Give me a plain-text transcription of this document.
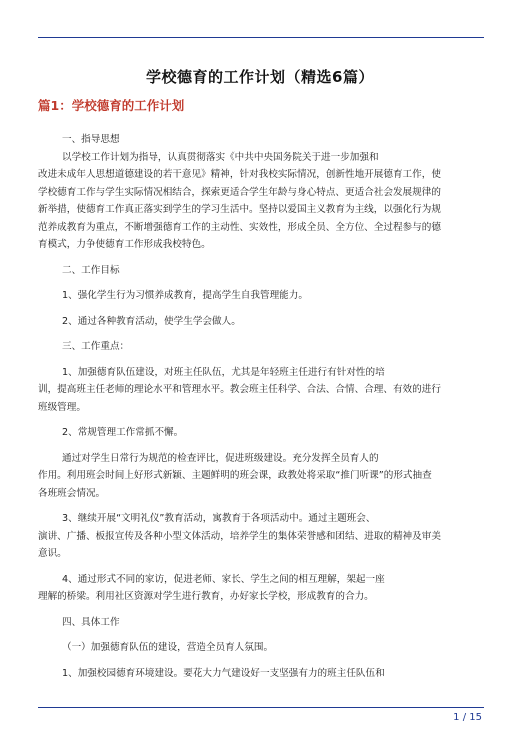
学校德育的工作计划（精选6篇）
篇1：学校德育的工作计划

一、指导思想

以学校工作计划为指导，认真贯彻落实《中共中央国务院关于进一步加强和

改进未成年人思想道德建设的若干意见》精神，针对我校实际情况，创新性地开展德育工作，使

学校德育工作与学生实际情况相结合，探索更适合学生年龄与身心特点、更适合社会发展规律的

新举措，使德育工作真正落实到学生的学习生活中。坚持以爱国主义教育为主线，以强化行为规

范养成教育为重点，不断增强德育工作的主动性、实效性，形成全员、全方位、全过程参与的德

育模式，力争使德育工作形成我校特色。

二、工作目标

1、强化学生行为习惯养成教育，提高学生自我管理能力。

2、通过各种教育活动，使学生学会做人。

三、工作重点：

1、加强德育队伍建设，对班主任队伍，尤其是年轻班主任进行有针对性的培

训，提高班主任老师的理论水平和管理水平。教会班主任科学、合法、合情、合理、有效的进行

班级管理。

2、常规管理工作常抓不懈。

通过对学生日常行为规范的检查评比，促进班级建设。充分发挥全员育人的

作用。利用班会时间上好形式新颖、主题鲜明的班会课，政教处将采取“推门听课”的形式抽查

各班班会情况。

3、继续开展“文明礼仪”教育活动，寓教育于各项活动中。通过主题班会、

演讲、广播、板报宣传及各种小型文体活动，培养学生的集体荣誉感和团结、进取的精神及审美

意识。

4、通过形式不同的家访，促进老师、家长、学生之间的相互理解，架起一座

理解的桥梁。利用社区资源对学生进行教育，办好家长学校，形成教育的合力。

四、具体工作

（一）加强德育队伍的建设，营造全员育人氛围。

1、加强校园德育环境建设。要花大力气建设好一支坚强有力的班主任队伍和

1 / 15
